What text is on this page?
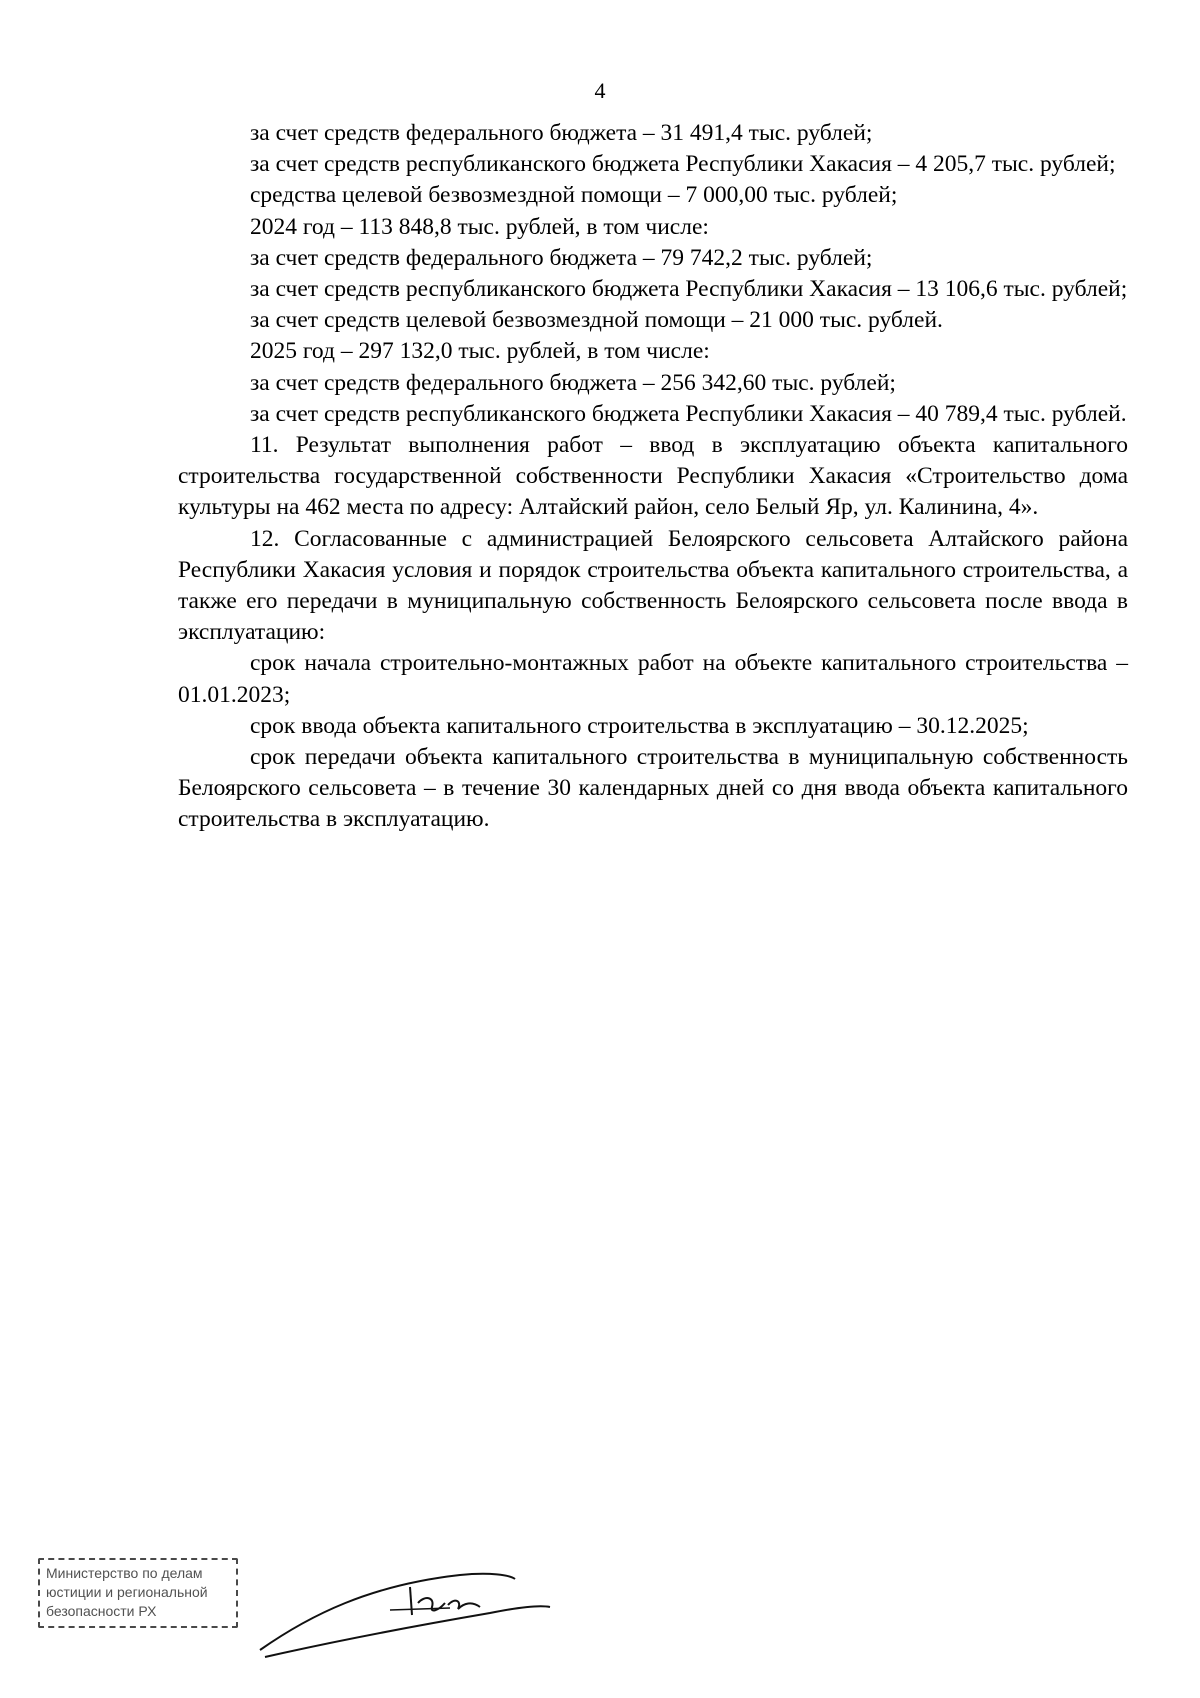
4

за счет средств федерального бюджета – 31 491,4 тыс. рублей;

за счет средств республиканского бюджета Республики Хакасия – 4 205,7 тыс. рублей;

средства целевой безвозмездной помощи – 7 000,00 тыс. рублей;

2024 год – 113 848,8 тыс. рублей, в том числе:

за счет средств федерального бюджета – 79 742,2 тыс. рублей;

за счет средств республиканского бюджета Республики Хакасия – 13 106,6 тыс. рублей;

за счет средств целевой безвозмездной помощи – 21 000 тыс. рублей.

2025 год – 297 132,0 тыс. рублей, в том числе:

за счет средств федерального бюджета – 256 342,60 тыс. рублей;

за счет средств республиканского бюджета Республики Хакасия – 40 789,4 тыс. рублей.

11. Результат выполнения работ – ввод в эксплуатацию объекта капитального строительства государственной собственности Республики Хакасия «Строительство дома культуры на 462 места по адресу: Алтайский район, село Белый Яр, ул. Калинина, 4».

12. Согласованные с администрацией Белоярского сельсовета Алтайского района Республики Хакасия условия и порядок строительства объекта капитального строительства, а также его передачи в муниципальную собственность Белоярского сельсовета после ввода в эксплуатацию:

срок начала строительно-монтажных работ на объекте капитального строительства – 01.01.2023;

срок ввода объекта капитального строительства в эксплуатацию – 30.12.2025;

срок передачи объекта капитального строительства в муниципальную собственность Белоярского сельсовета – в течение 30 календарных дней со дня ввода объекта капитального строительства в эксплуатацию.

Министерство по делам
юстиции и региональной
безопасности РХ
